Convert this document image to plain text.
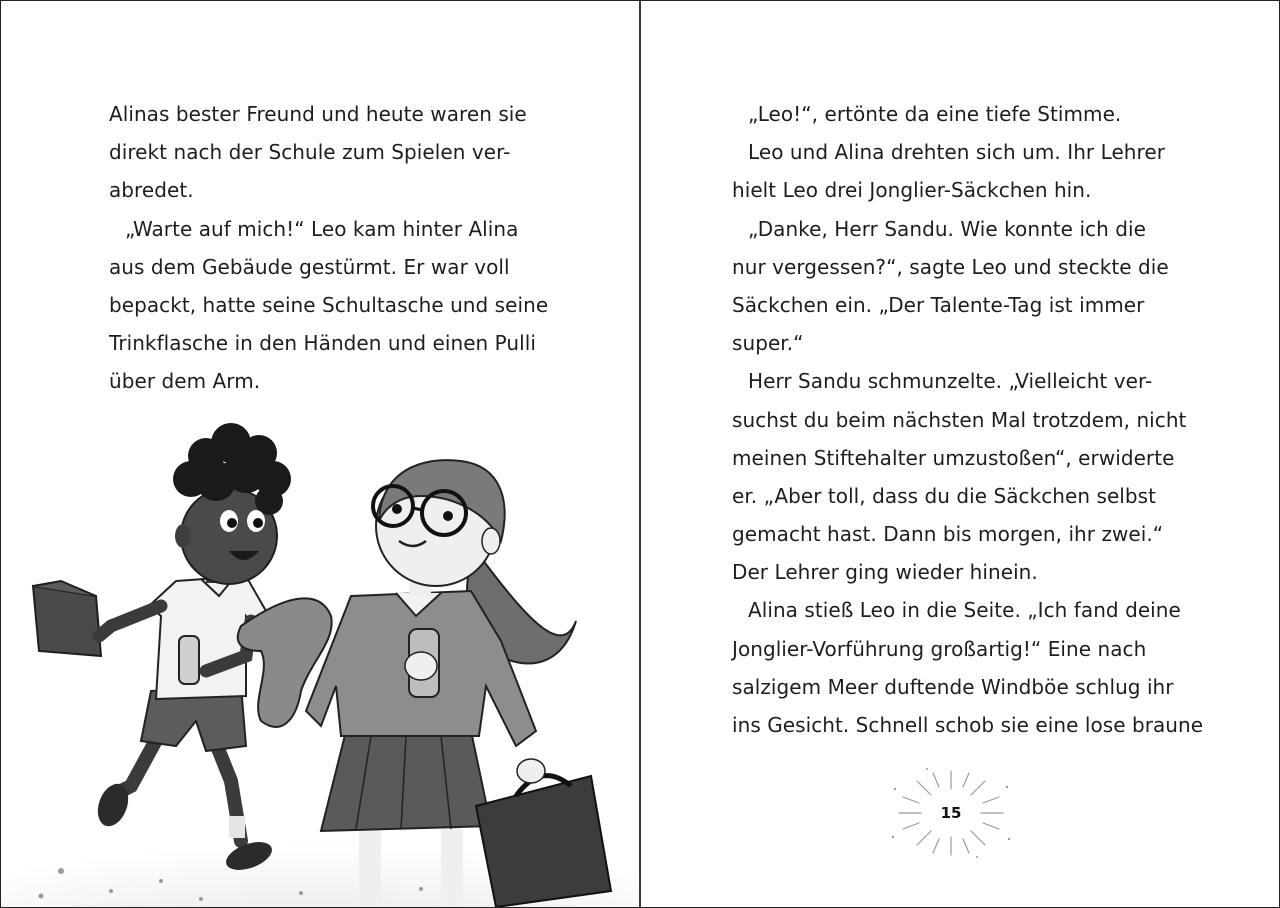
Alinas bester Freund und heute waren sie
direkt nach der Schule zum Spielen ver-
abredet.
„Warte auf mich!“ Leo kam hinter Alina
aus dem Gebäude gestürmt. Er war voll
bepackt, hatte seine Schultasche und seine
Trinkflasche in den Händen und einen Pulli
über dem Arm.
„Leo!“, ertönte da eine tiefe Stimme.
Leo und Alina drehten sich um. Ihr Lehrer
hielt Leo drei Jonglier-Säckchen hin.
„Danke, Herr Sandu. Wie konnte ich die
nur vergessen?“, sagte Leo und steckte die
Säckchen ein. „Der Talente-Tag ist immer
super.“
Herr Sandu schmunzelte. „Vielleicht ver-
suchst du beim nächsten Mal trotzdem, nicht
meinen Stiftehalter umzustoßen“, erwiderte
er. „Aber toll, dass du die Säckchen selbst
gemacht hast. Dann bis morgen, ihr zwei.“
Der Lehrer ging wieder hinein.
Alina stieß Leo in die Seite. „Ich fand deine
Jonglier-Vorführung großartig!“ Eine nach
salzigem Meer duftende Windböe schlug ihr
ins Gesicht. Schnell schob sie eine lose braune
15
